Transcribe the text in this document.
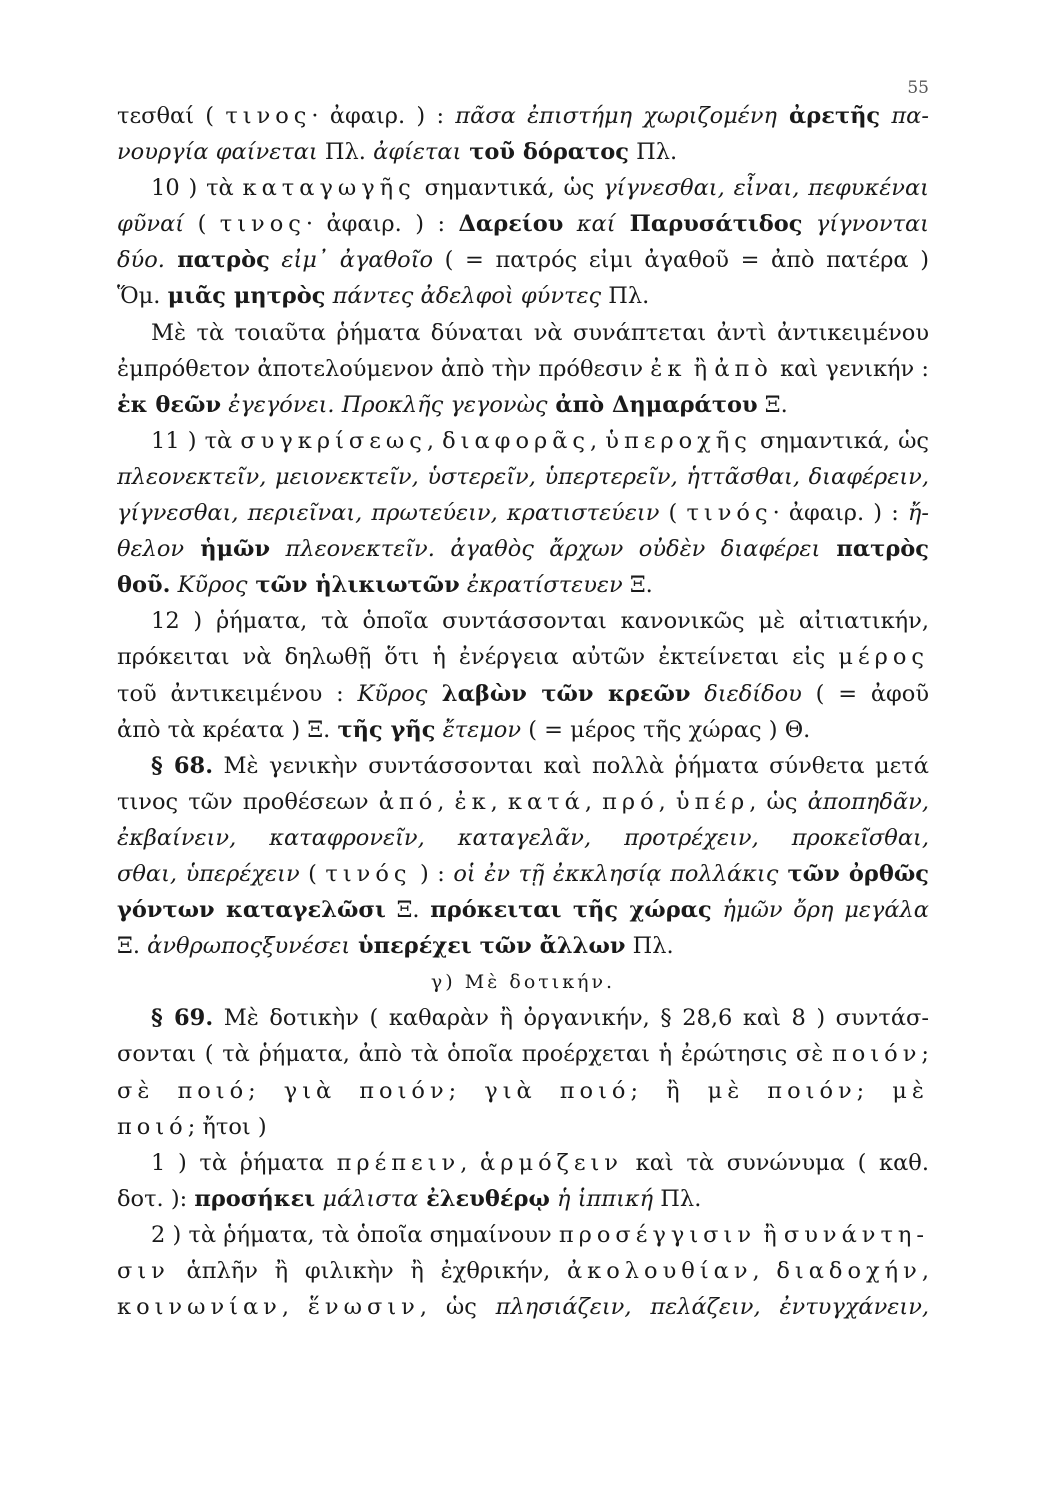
55
τεσθαί ( τινος· ἀφαιρ. ) : πᾶσα ἐπιστήμη χωριζομένη ἀρετῆς πα-
νουργία φαίνεται Πλ. ἀφίεται τοῦ δόρατος Πλ.
10 ) τὰ καταγωγῆς σημαντικά, ὡς γίγνεσθαι, εἶναι, πεφυκέναι
φῦναί ( τινος· ἀφαιρ. ) : Δαρείου καί Παρυσάτιδος γίγνονται
δύο. πατρὸς εἰμ᾽ ἀγαθοῖο ( = πατρός εἰμι ἀγαθοῦ = ἀπὸ πατέρα )
Ὅμ. μιᾶς μητρὸς πάντες ἀδελφοὶ φύντες Πλ.
Μὲ τὰ τοιαῦτα ῥήματα δύναται νὰ συνάπτεται ἀντὶ ἀντικειμένου
ἐμπρόθετον ἀποτελούμενον ἀπὸ τὴν πρόθεσιν ἐκ ἢ ἀπὸ καὶ γενικήν :
ἐκ θεῶν ἐγεγόνει. Προκλῆς γεγονὼς ἀπὸ Δημαράτου Ξ.
11 ) τὰ συγκρίσεως, διαφορᾶς, ὑπεροχῆς σημαντικά, ὡς
πλεονεκτεῖν, μειονεκτεῖν, ὑστερεῖν, ὑπερτερεῖν, ἡττᾶσθαι, διαφέρειν,
γίγνεσθαι, περιεῖναι, πρωτεύειν, κρατιστεύειν ( τινός· ἀφαιρ. ) : ἤ-
θελον ἡμῶν πλεονεκτεῖν. ἀγαθὸς ἄρχων οὐδὲν διαφέρει πατρὸς
θοῦ. Κῦρος τῶν ἡλικιωτῶν ἐκρατίστευεν Ξ.
12 ) ῥήματα, τὰ ὁποῖα συντάσσονται κανονικῶς μὲ αἰτιατικήν,
πρόκειται νὰ δηλωθῇ ὅτι ἡ ἐνέργεια αὐτῶν ἐκτείνεται εἰς μέρος
τοῦ ἀντικειμένου : Κῦρος λαβὼν τῶν κρεῶν διεδίδου ( = ἀφοῦ
ἀπὸ τὰ κρέατα ) Ξ. τῆς γῆς ἔτεμον ( = μέρος τῆς χώρας ) Θ.
§ 68. Μὲ γενικὴν συντάσσονται καὶ πολλὰ ῥήματα σύνθετα μετά
τινος τῶν προθέσεων ἀπό, ἐκ, κατά, πρό, ὑπέρ, ὡς ἀποπηδᾶν,
ἐκβαίνειν, καταφρονεῖν, καταγελᾶν, προτρέχειν, προκεῖσθαι,
σθαι, ὑπερέχειν ( τινός ) : οἱ ἐν τῇ ἐκκλησίᾳ πολλάκις τῶν ὀρθῶς
γόντων καταγελῶσι Ξ. πρόκειται τῆς χώρας ἡμῶν ὄρη μεγάλα
Ξ. ἀνθρωποςξυνέσει ὑπερέχει τῶν ἄλλων Πλ.
γ) Μὲ δοτικήν.
§ 69. Μὲ δοτικὴν ( καθαρὰν ἢ ὀργανικήν, § 28,6 καὶ 8 ) συντάσ-
σονται ( τὰ ῥήματα, ἀπὸ τὰ ὁποῖα προέρχεται ἡ ἐρώτησις σὲ ποιόν;
σὲ ποιό; γιὰ ποιόν; γιὰ ποιό; ἢ μὲ ποιόν; μὲ
ποιό; ἤτοι )
1 ) τὰ ῥήματα πρέπειν, ἁρμόζειν καὶ τὰ συνώνυμα ( καθ.
δοτ. ): προσήκει μάλιστα ἐλευθέρῳ ἡ ἱππική Πλ.
2 ) τὰ ῥήματα, τὰ ὁποῖα σημαίνουν προσέγγισιν ἢ συνάντη-
σιν ἁπλῆν ἢ φιλικὴν ἢ ἐχθρικήν, ἀκολουθίαν, διαδοχήν,
κοινωνίαν, ἕνωσιν, ὡς πλησιάζειν, πελάζειν, ἐντυγχάνειν,
